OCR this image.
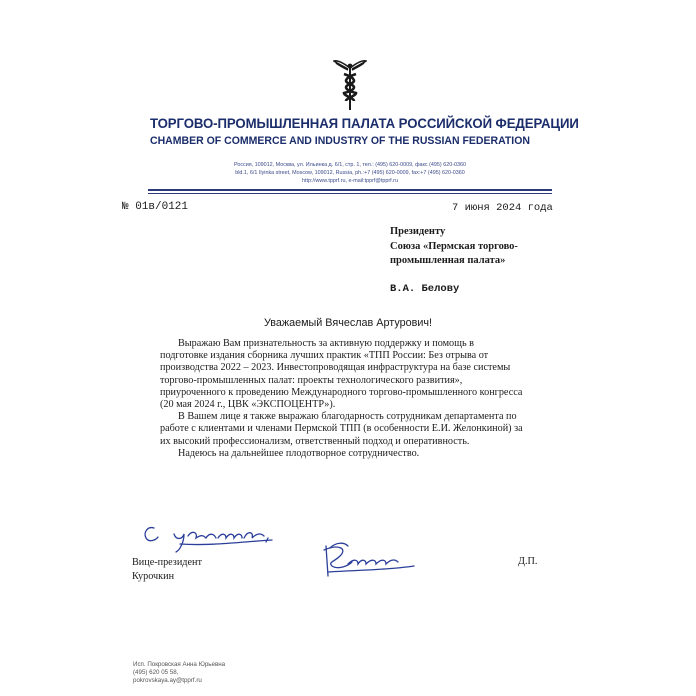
ТОРГОВО-ПРОМЫШЛЕННАЯ ПАЛАТА РОССИЙСКОЙ ФЕДЕРАЦИИ
CHAMBER OF COMMERCE AND INDUSTRY OF THE RUSSIAN FEDERATION
Россия, 109012, Москва, ул. Ильинка д. 6/1, стр. 1, тел.: (495) 620-0009, факс (495) 620-0360
bld.1, 6/1 Ilyinka street, Moscow, 109012, Russia, ph.:+7 (495) 620-0009, fax:+7 (495) 620-0360
http://www.tpprf.ru, e-mail:tpprf@tpprf.ru
№ 01в/0121	7 июня 2024 года
Президенту
Союза «Пермская торгово-
промышленная палата»
В.А. Белову
Уважаемый Вячеслав Артурович!
Выражаю Вам признательность за активную поддержку и помощь в
подготовке издания сборника лучших практик «ТПП России: Без отрыва от
производства 2022 – 2023. Инвестопроводящая инфраструктура на базе системы
торгово-промышленных палат: проекты технологического развития»,
приуроченного к проведению Международного торгово-промышленного конгресса
(20 мая 2024 г., ЦВК «ЭКСПОЦЕНТР»).
В Вашем лице я также выражаю благодарность сотрудникам департамента по
работе с клиентами и членами Пермской ТПП (в особенности Е.И. Желонкиной) за
их высокий профессионализм, ответственный подход и оперативность.
Надеюсь на дальнейшее плодотворное сотрудничество.
Вице-президент
Курочкин
Д.П.
Исп. Покровская Анна Юрьевна
(495) 620 05 58,
pokrovskaya.ay@tpprf.ru
